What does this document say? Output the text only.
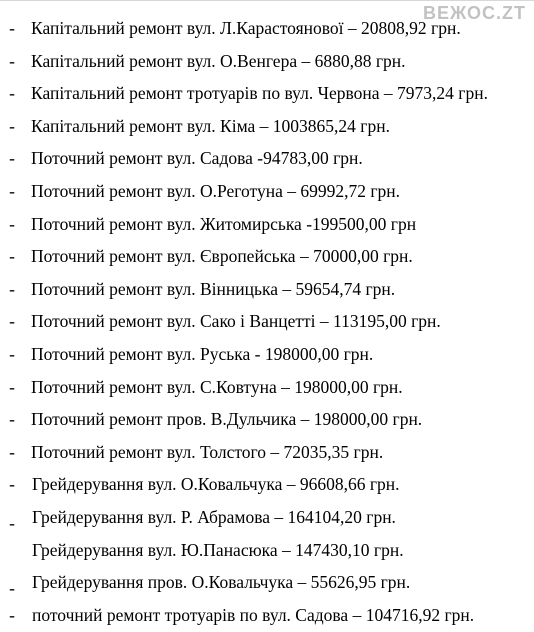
ВЕЖОС.ZT
- Капітальний ремонт вул. Л.Карастоянової – 20808,92 грн.
- Капітальний ремонт вул. О.Венгера – 6880,88 грн.
- Капітальний ремонт тротуарів по вул. Червона – 7973,24 грн.
- Капітальний ремонт вул. Кіма – 1003865,24 грн.
- Поточний ремонт вул. Садова -94783,00 грн.
- Поточний ремонт вул. О.Реготуна – 69992,72 грн.
- Поточний ремонт вул. Житомирська -199500,00 грн
- Поточний ремонт вул. Європейська – 70000,00 грн.
- Поточний ремонт вул. Вінницька – 59654,74 грн.
- Поточний ремонт вул. Сако і Ванцетті – 113195,00 грн.
- Поточний ремонт вул. Руська - 198000,00 грн.
- Поточний ремонт вул. С.Ковтуна – 198000,00 грн.
- Поточний ремонт пров. В.Дульчика – 198000,00 грн.
- Поточний ремонт вул. Толстого – 72035,35 грн.
- Грейдерування вул. О.Ковальчука – 96608,66 грн.
- Грейдерування вул. Р. Абрамова – 164104,20 грн.
Грейдерування вул. Ю.Панасюка – 147430,10 грн.
- Грейдерування пров. О.Ковальчука – 55626,95 грн.
- поточний ремонт тротуарів по вул. Садова – 104716,92 грн.
